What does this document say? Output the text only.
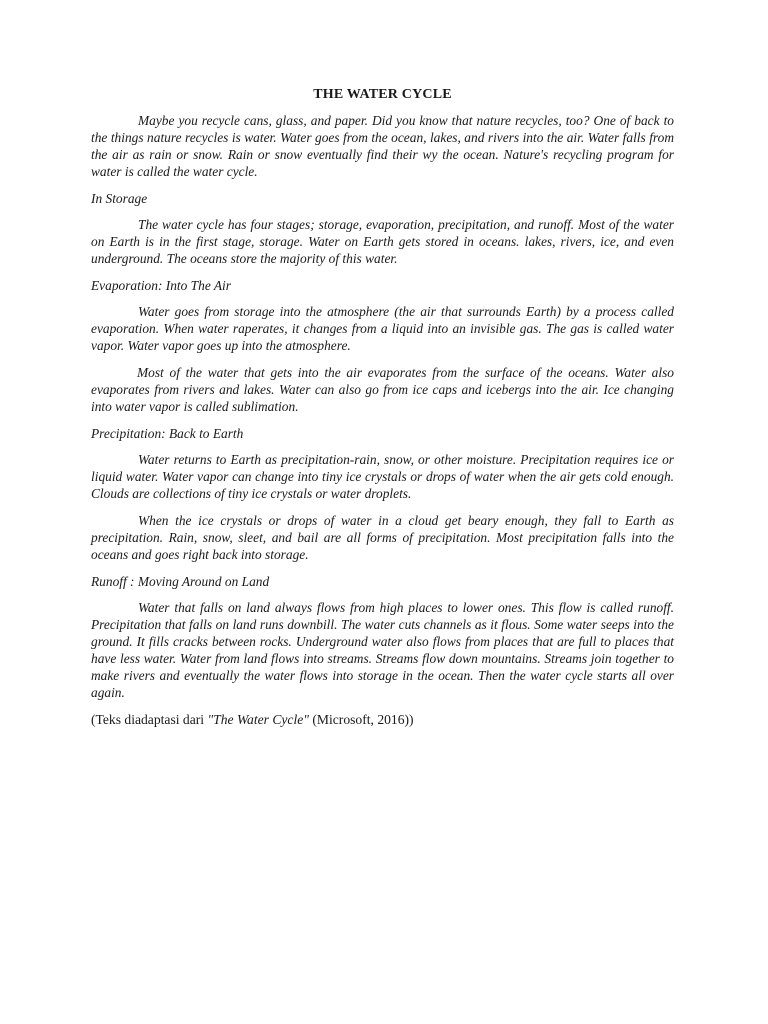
THE WATER CYCLE

Maybe you recycle cans, glass, and paper. Did you know that nature recycles, too? One of back to the things nature recycles is water. Water goes from the ocean, lakes, and rivers into the air. Water falls from the air as rain or snow. Rain or snow eventually find their wy the ocean. Nature's recycling program for water is called the water cycle.

In Storage

The water cycle has four stages; storage, evaporation, precipitation, and runoff. Most of the water on Earth is in the first stage, storage. Water on Earth gets stored in oceans. lakes, rivers, ice, and even underground. The oceans store the majority of this water.

Evaporation: Into The Air

Water goes from storage into the atmosphere (the air that surrounds Earth) by a process called evaporation. When water raperates, it changes from a liquid into an invisible gas. The gas is called water vapor. Water vapor goes up into the atmosphere.

Most of the water that gets into the air evaporates from the surface of the oceans. Water also evaporates from rivers and lakes. Water can also go from ice caps and icebergs into the air. Ice changing into water vapor is called sublimation.

Precipitation: Back to Earth

Water returns to Earth as precipitation-rain, snow, or other moisture. Precipitation requires ice or liquid water. Water vapor can change into tiny ice crystals or drops of water when the air gets cold enough. Clouds are collections of tiny ice crystals or water droplets.

When the ice crystals or drops of water in a cloud get beary enough, they fall to Earth as precipitation. Rain, snow, sleet, and bail are all forms of precipitation. Most precipitation falls into the oceans and goes right back into storage.

Runoff : Moving Around on Land

Water that falls on land always flows from high places to lower ones. This flow is called runoff. Precipitation that falls on land runs downbill. The water cuts channels as it flous. Some water seeps into the ground. It fills cracks between rocks. Underground water also flows from places that are full to places that have less water. Water from land flows into streams. Streams flow down mountains. Streams join together to make rivers and eventually the water flows into storage in the ocean. Then the water cycle starts all over again.

(Teks diadaptasi dari "The Water Cycle" (Microsoft, 2016))
